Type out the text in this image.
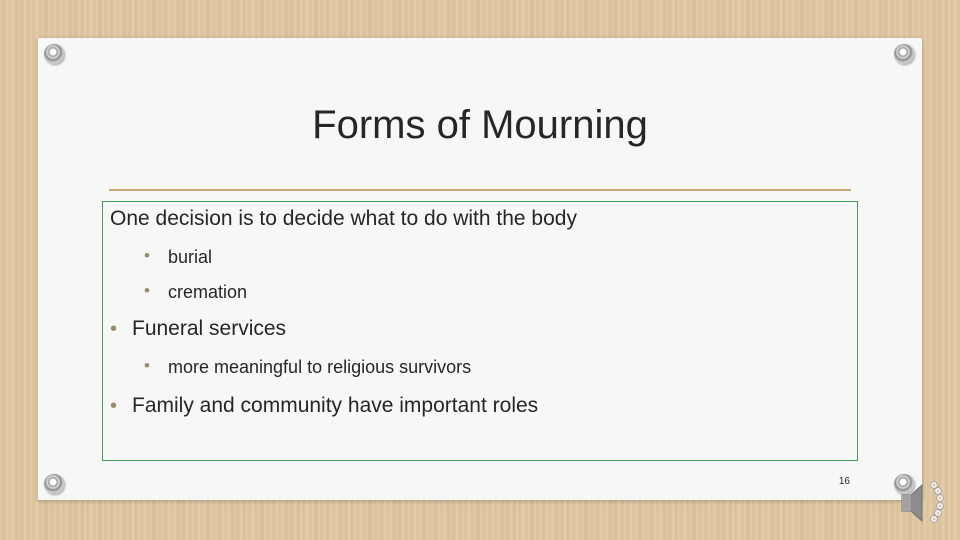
Forms of Mourning
One decision is to decide what to do with the body
• burial
• cremation
• Funeral services
• more meaningful to religious survivors
• Family and community have important roles
16
